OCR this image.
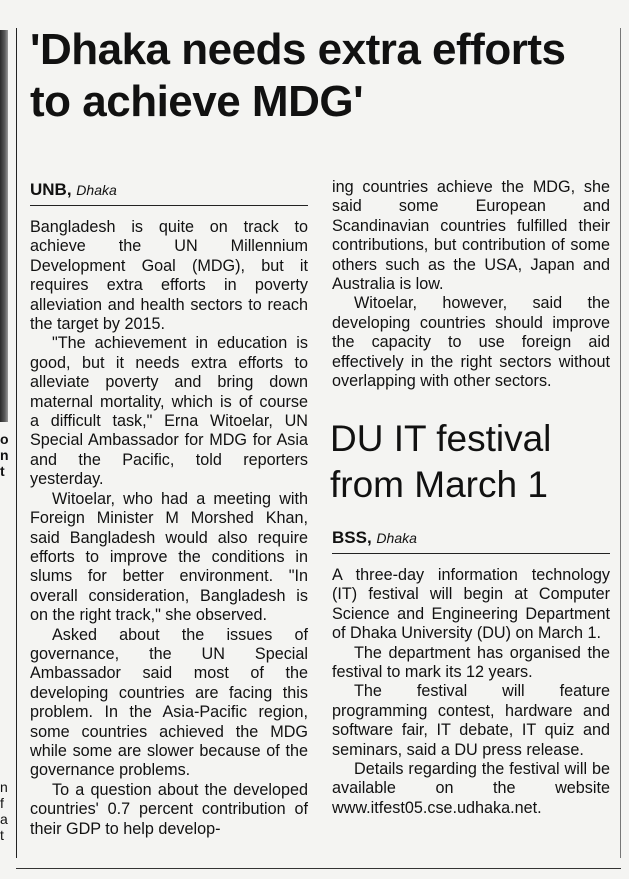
o
n
t
n
f
a
t
'Dhaka needs extra efforts to achieve MDG'
UNB, Dhaka

Bangladesh is quite on track to achieve the UN Millennium Development Goal (MDG), but it requires extra efforts in poverty alleviation and health sectors to reach the target by 2015.

"The achievement in education is good, but it needs extra efforts to alleviate poverty and bring down maternal mortality, which is of course a difficult task," Erna Witoelar, UN Special Ambassador for MDG for Asia and the Pacific, told reporters yesterday.

Witoelar, who had a meeting with Foreign Minister M Morshed Khan, said Bangladesh would also require efforts to improve the conditions in slums for better environment. "In overall consideration, Bangladesh is on the right track," she observed.

Asked about the issues of governance, the UN Special Ambassador said most of the developing countries are facing this problem. In the Asia-Pacific region, some countries achieved the MDG while some are slower because of the governance problems.

To a question about the developed countries' 0.7 percent contribution of their GDP to help develop-

ing countries achieve the MDG, she said some European and Scandinavian countries fulfilled their contributions, but contribution of some others such as the USA, Japan and Australia is low.

Witoelar, however, said the developing countries should improve the capacity to use foreign aid effectively in the right sectors without overlapping with other sectors.

DU IT festival from March 1
BSS, Dhaka

A three-day information technology (IT) festival will begin at Computer Science and Engineering Department of Dhaka University (DU) on March 1.

The department has organised the festival to mark its 12 years.

The festival will feature programming contest, hardware and software fair, IT debate, IT quiz and seminars, said a DU press release.

Details regarding the festival will be available on the website www.itfest05.cse.udhaka.net.
